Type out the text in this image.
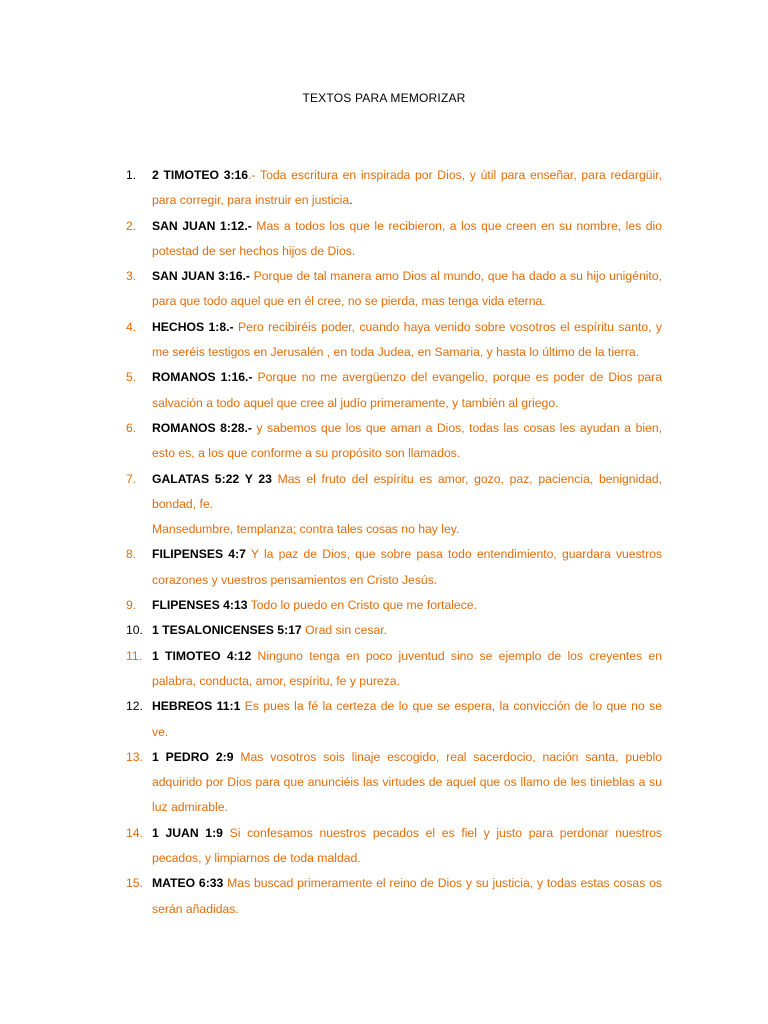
TEXTOS PARA MEMORIZAR
1. 2 TIMOTEO 3:16.- Toda escritura en inspirada por Dios, y útil para enseñar, para redargüir, para corregir, para instruir en justicia.
2. SAN JUAN 1:12.- Mas a todos los que le recibieron, a los que creen en su nombre, les dio potestad de ser hechos hijos de Dios.
3. SAN JUAN 3:16.- Porque de tal manera amo Dios al mundo, que ha dado a su hijo unigénito, para que todo aquel que en él cree, no se pierda, mas tenga vida eterna.
4. HECHOS 1:8.- Pero recibiréis poder, cuando haya venido sobre vosotros el espíritu santo, y me seréis testigos en Jerusalén , en toda Judea, en Samaria, y hasta lo último de la tierra.
5. ROMANOS 1:16.- Porque no me avergüenzo del evangelio, porque es poder de Dios para salvación a todo aquel que cree al judío primeramente, y también al griego.
6. ROMANOS 8:28.- y sabemos que los que aman a Dios, todas las cosas les ayudan a bien, esto es, a los que conforme a su propósito son llamados.
7. GALATAS 5:22 Y 23 Mas el fruto del espíritu es amor, gozo, paz, paciencia, benignidad, bondad, fe.
Mansedumbre, templanza; contra tales cosas no hay ley.
8. FILIPENSES 4:7 Y la paz de Dios, que sobre pasa todo entendimiento, guardara vuestros corazones y vuestros pensamientos en Cristo Jesús.
9. FLIPENSES 4:13 Todo lo puedo en Cristo que me fortalece.
10. 1 TESALONICENSES 5:17 Orad sin cesar.
11. 1 TIMOTEO 4:12 Ninguno tenga en poco juventud sino se ejemplo de los creyentes en palabra, conducta, amor, espíritu, fe y pureza.
12. HEBREOS 11:1 Es pues la fé la certeza de lo que se espera, la convicción de lo que no se ve.
13. 1 PEDRO 2:9 Mas vosotros sois linaje escogido, real sacerdocio, nación santa, pueblo adquirido por Dios para que anunciéis las virtudes de aquel que os llamo de les tinieblas a su luz admirable.
14. 1 JUAN 1:9 Si confesamos nuestros pecados el es fiel y justo para perdonar nuestros pecados, y limpiarnos de toda maldad.
15. MATEO 6:33 Mas buscad primeramente el reino de Dios y su justicia, y todas estas cosas os serán añadidas.
